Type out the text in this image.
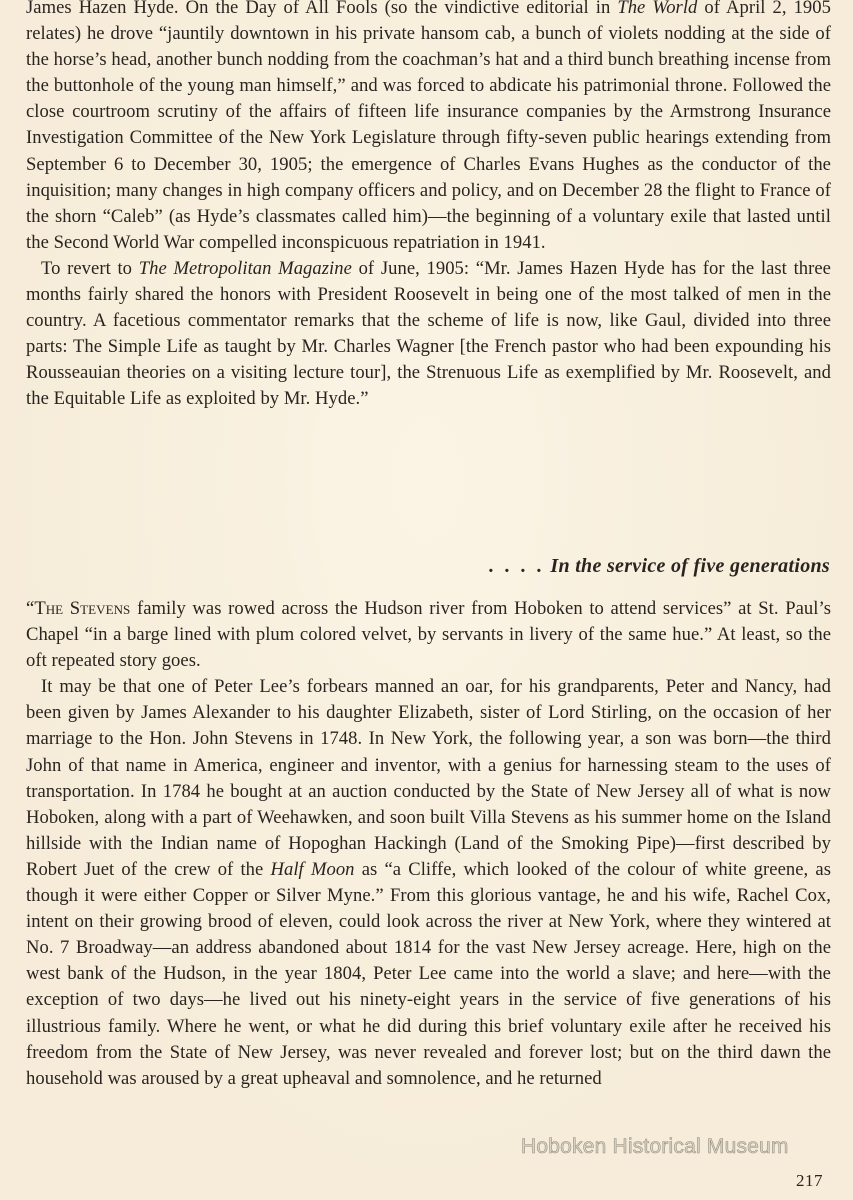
James Hazen Hyde. On the Day of All Fools (so the vindictive editorial in The World of April 2, 1905 relates) he drove “jauntily downtown in his private hansom cab, a bunch of violets nodding at the side of the horse’s head, another bunch nodding from the coachman’s hat and a third bunch breathing incense from the buttonhole of the young man himself,” and was forced to abdicate his patrimonial throne. Followed the close courtroom scrutiny of the affairs of fifteen life insurance companies by the Armstrong Insurance Investigation Committee of the New York Legislature through fifty-seven public hearings extending from September 6 to December 30, 1905; the emergence of Charles Evans Hughes as the conductor of the inquisition; many changes in high company officers and policy, and on December 28 the flight to France of the shorn “Caleb” (as Hyde’s classmates called him)—the beginning of a voluntary exile that lasted until the Second World War compelled inconspicuous repatriation in 1941.

To revert to The Metropolitan Magazine of June, 1905: “Mr. James Hazen Hyde has for the last three months fairly shared the honors with President Roosevelt in being one of the most talked of men in the country. A facetious commentator remarks that the scheme of life is now, like Gaul, divided into three parts: The Simple Life as taught by Mr. Charles Wagner [the French pastor who had been expounding his Rousseauian theories on a visiting lecture tour], the Strenuous Life as exemplified by Mr. Roosevelt, and the Equitable Life as exploited by Mr. Hyde.”

. . . . In the service of five generations

“The Stevens family was rowed across the Hudson river from Hoboken to attend services” at St. Paul’s Chapel “in a barge lined with plum colored velvet, by servants in livery of the same hue.” At least, so the oft repeated story goes.

It may be that one of Peter Lee’s forbears manned an oar, for his grandparents, Peter and Nancy, had been given by James Alexander to his daughter Elizabeth, sister of Lord Stirling, on the occasion of her marriage to the Hon. John Stevens in 1748. In New York, the following year, a son was born—the third John of that name in America, engineer and inventor, with a genius for harnessing steam to the uses of transportation. In 1784 he bought at an auction conducted by the State of New Jersey all of what is now Hoboken, along with a part of Weehawken, and soon built Villa Stevens as his summer home on the Island hillside with the Indian name of Hopoghan Hackingh (Land of the Smoking Pipe)—first described by Robert Juet of the crew of the Half Moon as “a Cliffe, which looked of the colour of white greene, as though it were either Copper or Silver Myne.” From this glorious vantage, he and his wife, Rachel Cox, intent on their growing brood of eleven, could look across the river at New York, where they wintered at No. 7 Broadway—an address abandoned about 1814 for the vast New Jersey acreage. Here, high on the west bank of the Hudson, in the year 1804, Peter Lee came into the world a slave; and here—with the exception of two days—he lived out his ninety-eight years in the service of five generations of his illustrious family. Where he went, or what he did during this brief voluntary exile after he received his freedom from the State of New Jersey, was never revealed and forever lost; but on the third dawn the household was aroused by a great upheaval and somnolence, and he returned

Hoboken Historical Museum
217
